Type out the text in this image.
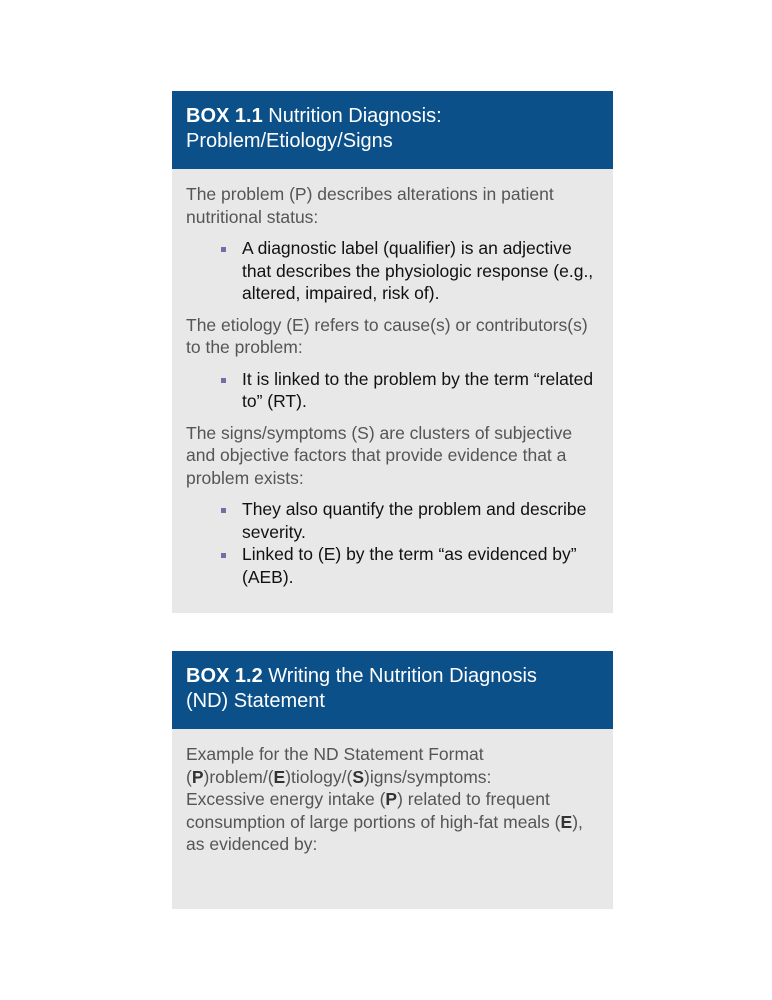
BOX 1.1 Nutrition Diagnosis:
Problem/Etiology/Signs

The problem (P) describes alterations in patient nutritional status:

A diagnostic label (qualifier) is an adjective that describes the physiologic response (e.g., altered, impaired, risk of).

The etiology (E) refers to cause(s) or contributors(s) to the problem:

It is linked to the problem by the term “related to” (RT).

The signs/symptoms (S) are clusters of subjective and objective factors that provide evidence that a problem exists:

They also quantify the problem and describe severity.
Linked to (E) by the term “as evidenced by” (AEB).
BOX 1.2 Writing the Nutrition Diagnosis
(ND) Statement

Example for the ND Statement Format
(P)roblem/(E)tiology/(S)igns/symptoms:
Excessive energy intake (P) related to frequent consumption of large portions of high-fat meals (E), as evidenced by:
